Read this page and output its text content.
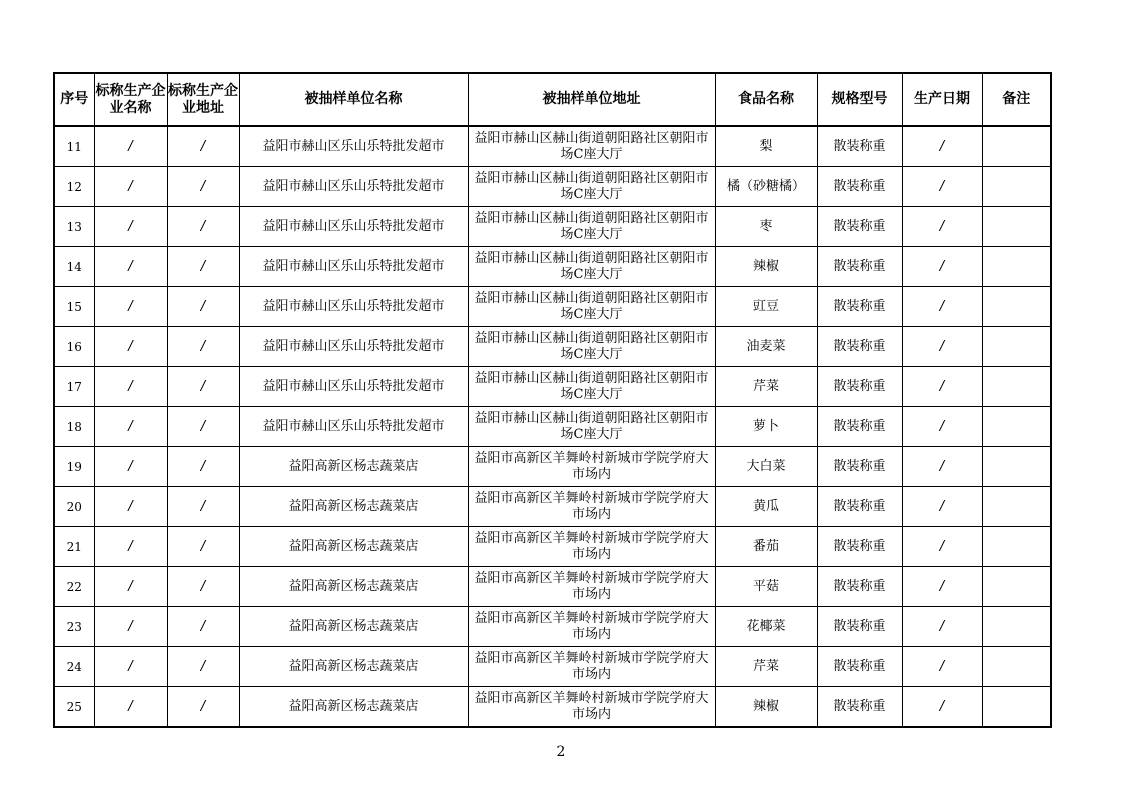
序号	标称生产企业名称	标称生产企业地址	被抽样单位名称	被抽样单位地址	食品名称	规格型号	生产日期	备注
11	/	/	益阳市赫山区乐山乐特批发超市	益阳市赫山区赫山街道朝阳路社区朝阳市场C座大厅	梨	散装称重	/	
12	/	/	益阳市赫山区乐山乐特批发超市	益阳市赫山区赫山街道朝阳路社区朝阳市场C座大厅	橘（砂糖橘）	散装称重	/	
13	/	/	益阳市赫山区乐山乐特批发超市	益阳市赫山区赫山街道朝阳路社区朝阳市场C座大厅	枣	散装称重	/	
14	/	/	益阳市赫山区乐山乐特批发超市	益阳市赫山区赫山街道朝阳路社区朝阳市场C座大厅	辣椒	散装称重	/	
15	/	/	益阳市赫山区乐山乐特批发超市	益阳市赫山区赫山街道朝阳路社区朝阳市场C座大厅	豇豆	散装称重	/	
16	/	/	益阳市赫山区乐山乐特批发超市	益阳市赫山区赫山街道朝阳路社区朝阳市场C座大厅	油麦菜	散装称重	/	
17	/	/	益阳市赫山区乐山乐特批发超市	益阳市赫山区赫山街道朝阳路社区朝阳市场C座大厅	芹菜	散装称重	/	
18	/	/	益阳市赫山区乐山乐特批发超市	益阳市赫山区赫山街道朝阳路社区朝阳市场C座大厅	萝卜	散装称重	/	
19	/	/	益阳高新区杨志蔬菜店	益阳市高新区羊舞岭村新城市学院学府大市场内	大白菜	散装称重	/	
20	/	/	益阳高新区杨志蔬菜店	益阳市高新区羊舞岭村新城市学院学府大市场内	黄瓜	散装称重	/	
21	/	/	益阳高新区杨志蔬菜店	益阳市高新区羊舞岭村新城市学院学府大市场内	番茄	散装称重	/	
22	/	/	益阳高新区杨志蔬菜店	益阳市高新区羊舞岭村新城市学院学府大市场内	平菇	散装称重	/	
23	/	/	益阳高新区杨志蔬菜店	益阳市高新区羊舞岭村新城市学院学府大市场内	花椰菜	散装称重	/	
24	/	/	益阳高新区杨志蔬菜店	益阳市高新区羊舞岭村新城市学院学府大市场内	芹菜	散装称重	/	
25	/	/	益阳高新区杨志蔬菜店	益阳市高新区羊舞岭村新城市学院学府大市场内	辣椒	散装称重	/	
2
